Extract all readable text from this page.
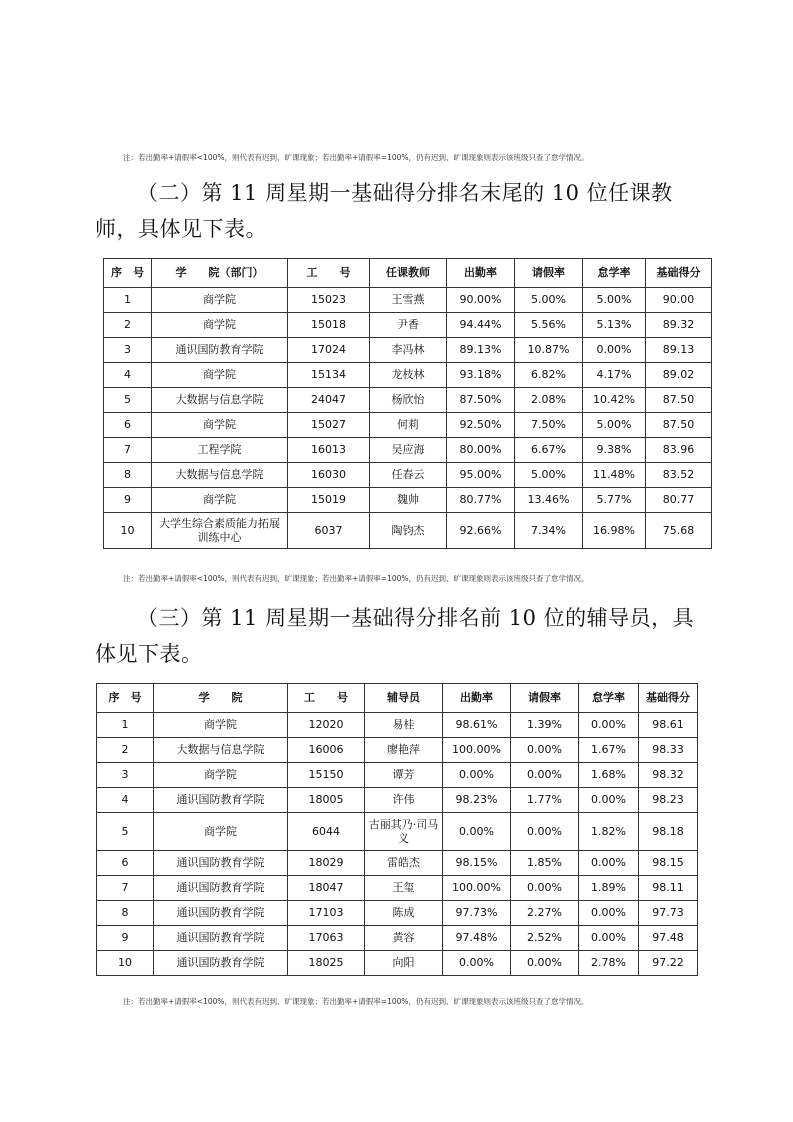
注：若出勤率+请假率<100%，则代表有迟到、旷课现象；若出勤率+请假率=100%，仍有迟到、旷课现象则表示该班级只查了怠学情况。

（二）第 11 周星期一基础得分排名末尾的 10 位任课教师，具体见下表。

序　号	学　　院（部门）	工　　号	任课教师	出勤率	请假率	怠学率	基础得分
1	商学院	15023	王雪燕	90.00%	5.00%	5.00%	90.00
2	商学院	15018	尹香	94.44%	5.56%	5.13%	89.32
3	通识国防教育学院	17024	李冯林	89.13%	10.87%	0.00%	89.13
4	商学院	15134	龙枝林	93.18%	6.82%	4.17%	89.02
5	大数据与信息学院	24047	杨欣怡	87.50%	2.08%	10.42%	87.50
6	商学院	15027	何莉	92.50%	7.50%	5.00%	87.50
7	工程学院	16013	吴应海	80.00%	6.67%	9.38%	83.96
8	大数据与信息学院	16030	任春云	95.00%	5.00%	11.48%	83.52
9	商学院	15019	魏帅	80.77%	13.46%	5.77%	80.77
10	大学生综合素质能力拓展训练中心	6037	陶钧杰	92.66%	7.34%	16.98%	75.68
注：若出勤率+请假率<100%，则代表有迟到、旷课现象；若出勤率+请假率=100%，仍有迟到、旷课现象则表示该班级只查了怠学情况。

（三）第 11 周星期一基础得分排名前 10 位的辅导员，具体见下表。

序　号	学　　院	工　　号	辅导员	出勤率	请假率	怠学率	基础得分
1	商学院	12020	易桂	98.61%	1.39%	0.00%	98.61
2	大数据与信息学院	16006	廖艳萍	100.00%	0.00%	1.67%	98.33
3	商学院	15150	谭芳	0.00%	0.00%	1.68%	98.32
4	通识国防教育学院	18005	许伟	98.23%	1.77%	0.00%	98.23
5	商学院	6044	古丽其乃·司马义	0.00%	0.00%	1.82%	98.18
6	通识国防教育学院	18029	雷皓杰	98.15%	1.85%	0.00%	98.15
7	通识国防教育学院	18047	王玺	100.00%	0.00%	1.89%	98.11
8	通识国防教育学院	17103	陈成	97.73%	2.27%	0.00%	97.73
9	通识国防教育学院	17063	黄容	97.48%	2.52%	0.00%	97.48
10	通识国防教育学院	18025	向阳	0.00%	0.00%	2.78%	97.22
注：若出勤率+请假率<100%，则代表有迟到、旷课现象；若出勤率+请假率=100%，仍有迟到、旷课现象则表示该班级只查了怠学情况。
